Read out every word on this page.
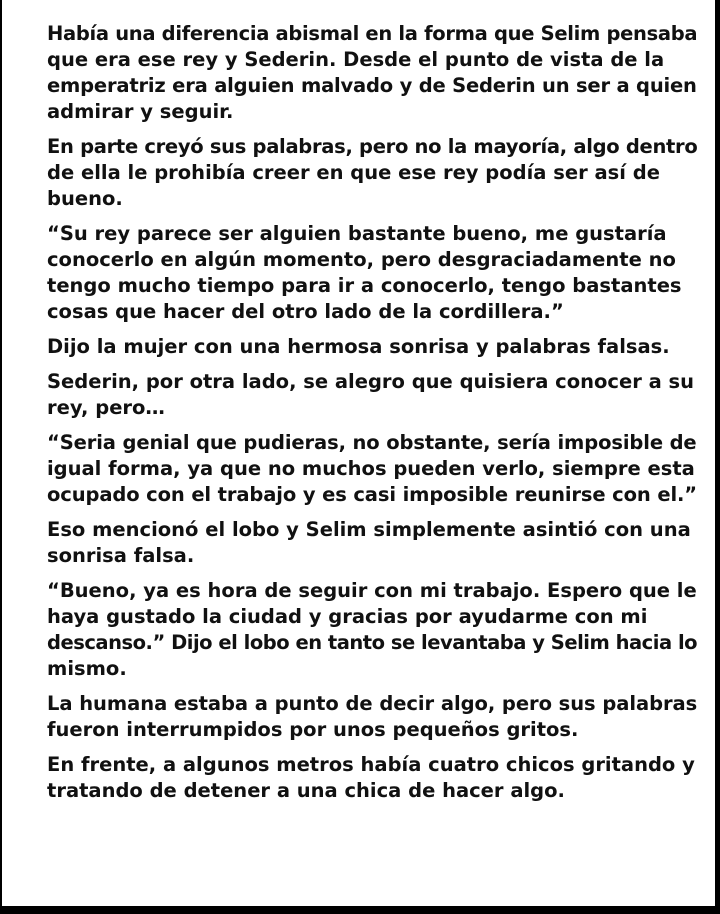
Había una diferencia abismal en la forma que Selim pensaba
que era ese rey y Sederin. Desde el punto de vista de la
emperatriz era alguien malvado y de Sederin un ser a quien
admirar y seguir.

En parte creyó sus palabras, pero no la mayoría, algo dentro
de ella le prohibía creer en que ese rey podía ser así de
bueno.

“Su rey parece ser alguien bastante bueno, me gustaría
conocerlo en algún momento, pero desgraciadamente no
tengo mucho tiempo para ir a conocerlo, tengo bastantes
cosas que hacer del otro lado de la cordillera.”

Dijo la mujer con una hermosa sonrisa y palabras falsas.

Sederin, por otra lado, se alegro que quisiera conocer a su
rey, pero…

“Seria genial que pudieras, no obstante, sería imposible de
igual forma, ya que no muchos pueden verlo, siempre esta
ocupado con el trabajo y es casi imposible reunirse con el.”

Eso mencionó el lobo y Selim simplemente asintió con una
sonrisa falsa.

“Bueno, ya es hora de seguir con mi trabajo. Espero que le
haya gustado la ciudad y gracias por ayudarme con mi
descanso.” Dijo el lobo en tanto se levantaba y Selim hacia lo
mismo.

La humana estaba a punto de decir algo, pero sus palabras
fueron interrumpidos por unos pequeños gritos.

En frente, a algunos metros había cuatro chicos gritando y
tratando de detener a una chica de hacer algo.
